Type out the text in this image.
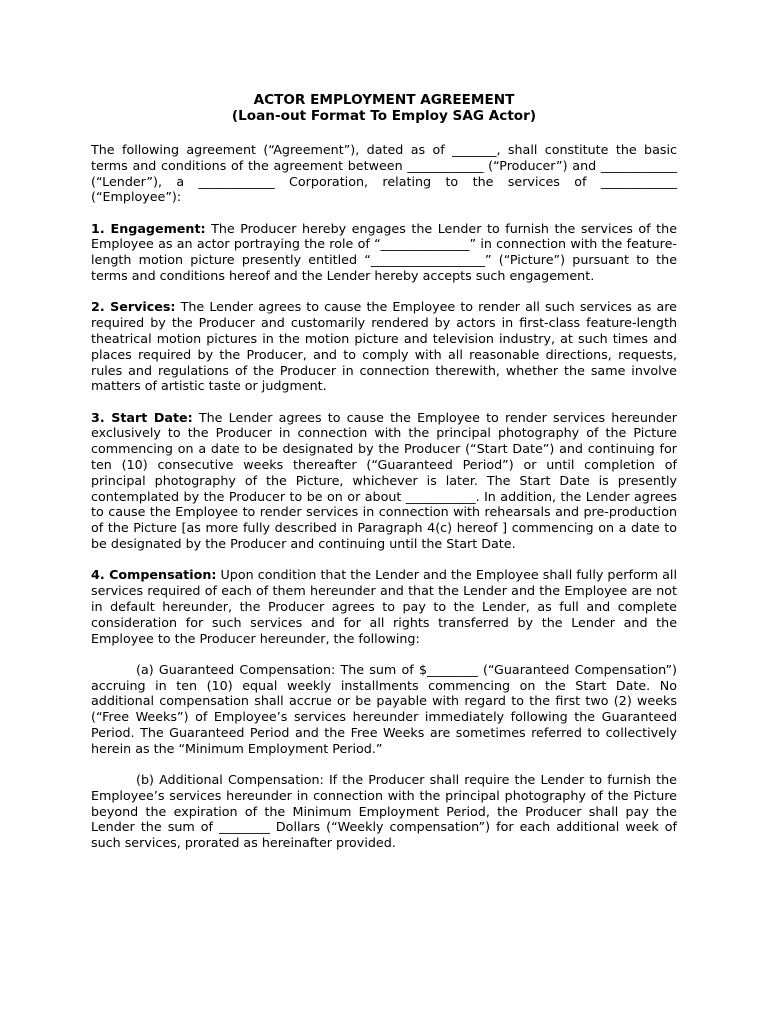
ACTOR EMPLOYMENT AGREEMENT
(Loan-out Format To Employ SAG Actor)

The following agreement (“Agreement”), dated as of _______, shall constitute the basic terms and conditions of the agreement between ____________ (“Producer”) and ____________ (“Lender”), a ____________ Corporation, relating to the services of ____________ (“Employee”):

1. Engagement: The Producer hereby engages the Lender to furnish the services of the Employee as an actor portraying the role of “______________” in connection with the feature-length motion picture presently entitled “__________________” (“Picture”) pursuant to the terms and conditions hereof and the Lender hereby accepts such engagement.

2. Services: The Lender agrees to cause the Employee to render all such services as are required by the Producer and customarily rendered by actors in first-class feature-length theatrical motion pictures in the motion picture and television industry, at such times and places required by the Producer, and to comply with all reasonable directions, requests, rules and regulations of the Producer in connection therewith, whether the same involve matters of artistic taste or judgment.

3. Start Date: The Lender agrees to cause the Employee to render services hereunder exclusively to the Producer in connection with the principal photography of the Picture commencing on a date to be designated by the Producer (“Start Date”) and continuing for ten (10) consecutive weeks thereafter (“Guaranteed Period”) or until completion of principal photography of the Picture, whichever is later. The Start Date is presently contemplated by the Producer to be on or about ___________. In addition, the Lender agrees to cause the Employee to render services in connection with rehearsals and pre-production of the Picture [as more fully described in Paragraph 4(c) hereof ] commencing on a date to be designated by the Producer and continuing until the Start Date.

4. Compensation: Upon condition that the Lender and the Employee shall fully perform all services required of each of them hereunder and that the Lender and the Employee are not in default hereunder, the Producer agrees to pay to the Lender, as full and complete consideration for such services and for all rights transferred by the Lender and the Employee to the Producer hereunder, the following:

(a) Guaranteed Compensation: The sum of $________ (“Guaranteed Compensation”) accruing in ten (10) equal weekly installments commencing on the Start Date. No additional compensation shall accrue or be payable with regard to the first two (2) weeks (“Free Weeks”) of Employee’s services hereunder immediately following the Guaranteed Period. The Guaranteed Period and the Free Weeks are sometimes referred to collectively herein as the “Minimum Employment Period.”

(b) Additional Compensation: If the Producer shall require the Lender to furnish the Employee’s services hereunder in connection with the principal photography of the Picture beyond the expiration of the Minimum Employment Period, the Producer shall pay the Lender the sum of ________ Dollars (“Weekly compensation”) for each additional week of such services, prorated as hereinafter provided.
